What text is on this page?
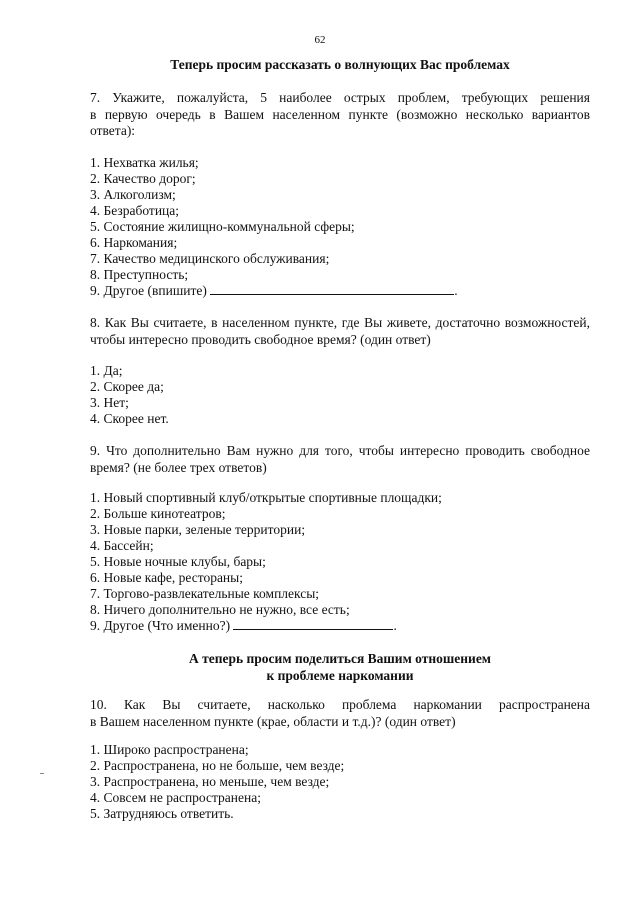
62
Теперь просим рассказать о волнующих Вас проблемах
7. Укажите, пожалуйста, 5 наиболее острых проблем, требующих решения
в первую очередь в Вашем населенном пункте (возможно несколько вариантов
ответа):
1. Нехватка жилья;
2. Качество дорог;
3. Алкоголизм;
4. Безработица;
5. Состояние жилищно-коммунальной сферы;
6. Наркомания;
7. Качество медицинского обслуживания;
8. Преступность;
9. Другое (впишите)	.
8. Как Вы считаете, в населенном пункте, где Вы живете, достаточно возможностей,
чтобы интересно проводить свободное время? (один ответ)
1. Да;
2. Скорее да;
3. Нет;
4. Скорее нет.
9. Что дополнительно Вам нужно для того, чтобы интересно проводить свободное
время? (не более трех ответов)
1. Новый спортивный клуб/открытые спортивные площадки;
2. Больше кинотеатров;
3. Новые парки, зеленые территории;
4. Бассейн;
5. Новые ночные клубы, бары;
6. Новые кафе, рестораны;
7. Торгово-развлекательные комплексы;
8. Ничего дополнительно не нужно, все есть;
9. Другое (Что именно?)	.
А теперь просим поделиться Вашим отношением
к проблеме наркомании
10. Как Вы считаете, насколько проблема наркомании распространена
в Вашем населенном пункте (крае, области и т.д.)? (один ответ)
1. Широко распространена;
2. Распространена, но не больше, чем везде;
3. Распространена, но меньше, чем везде;
4. Совсем не распространена;
5. Затрудняюсь ответить.
